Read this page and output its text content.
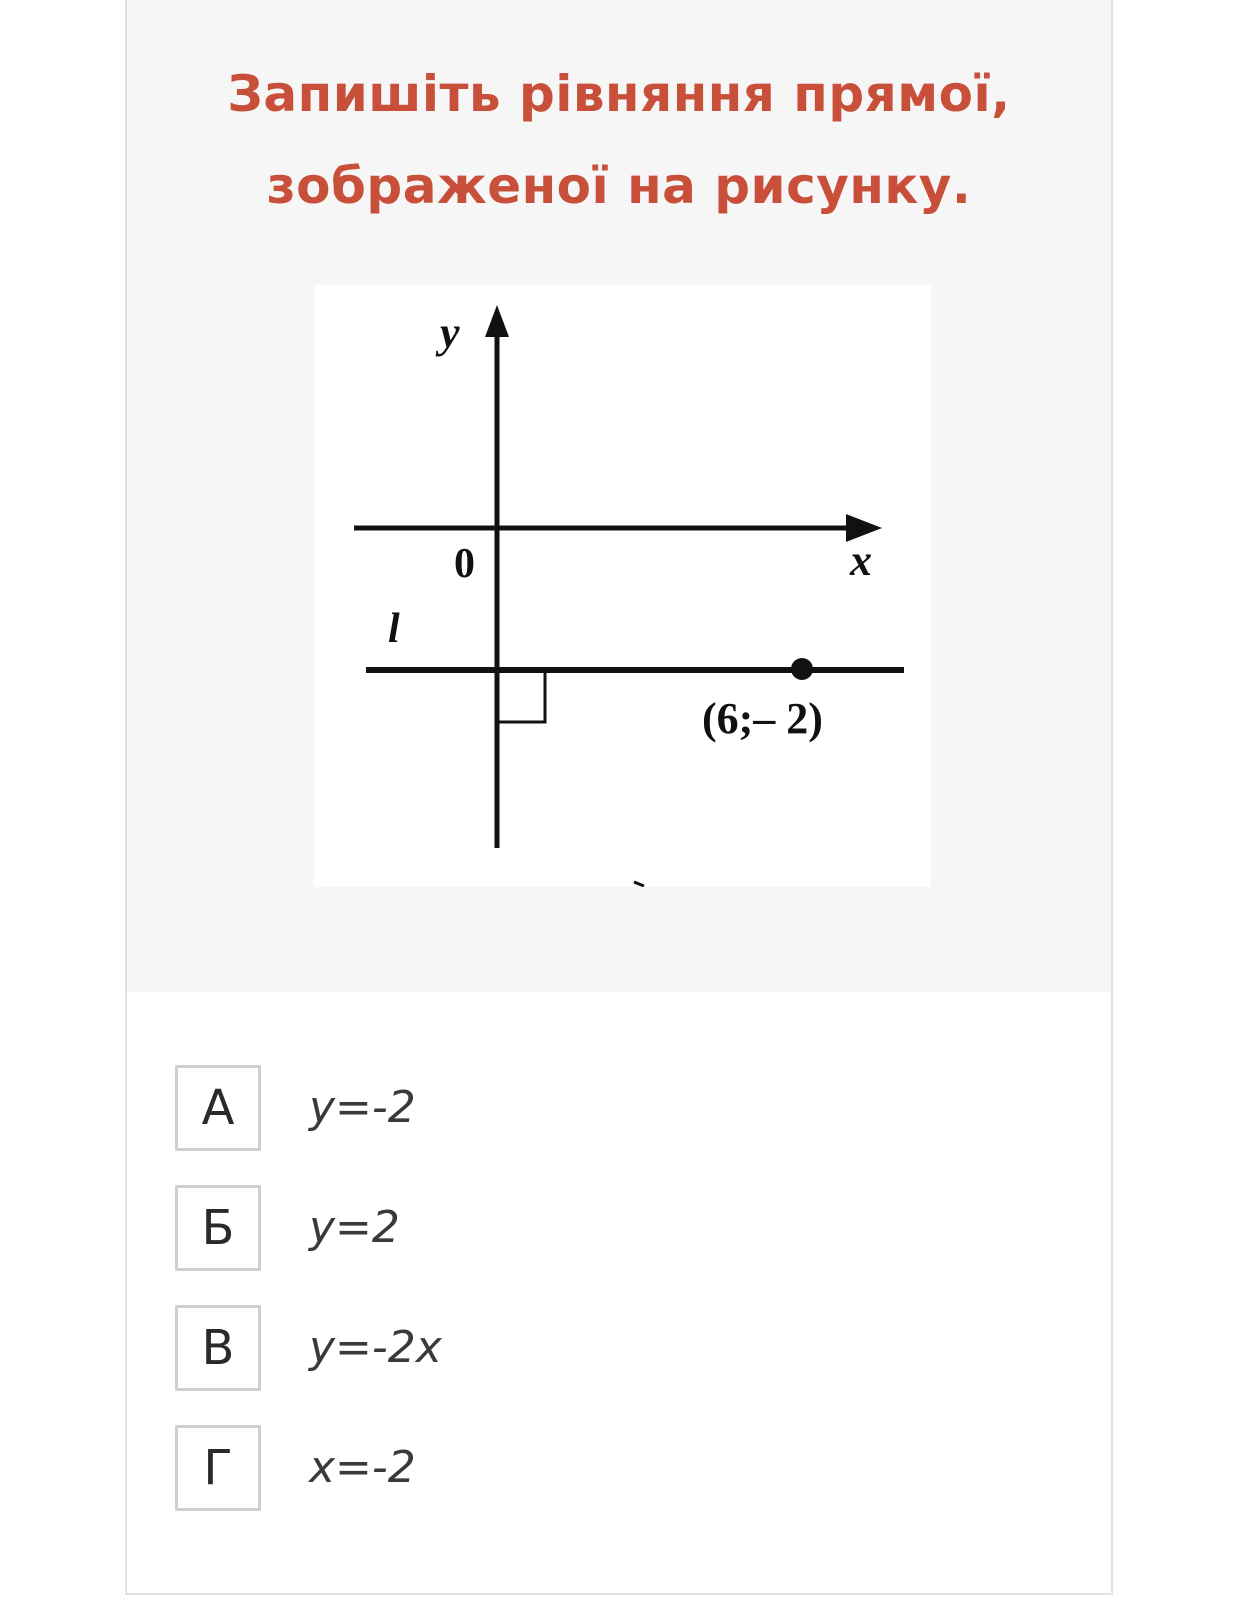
Запишіть рівняння прямої,
зображеної на рисунку.
y
x
0
l
(6;– 2)
А	y=-2
Б	y=2
В	y=-2x
Г	x=-2
